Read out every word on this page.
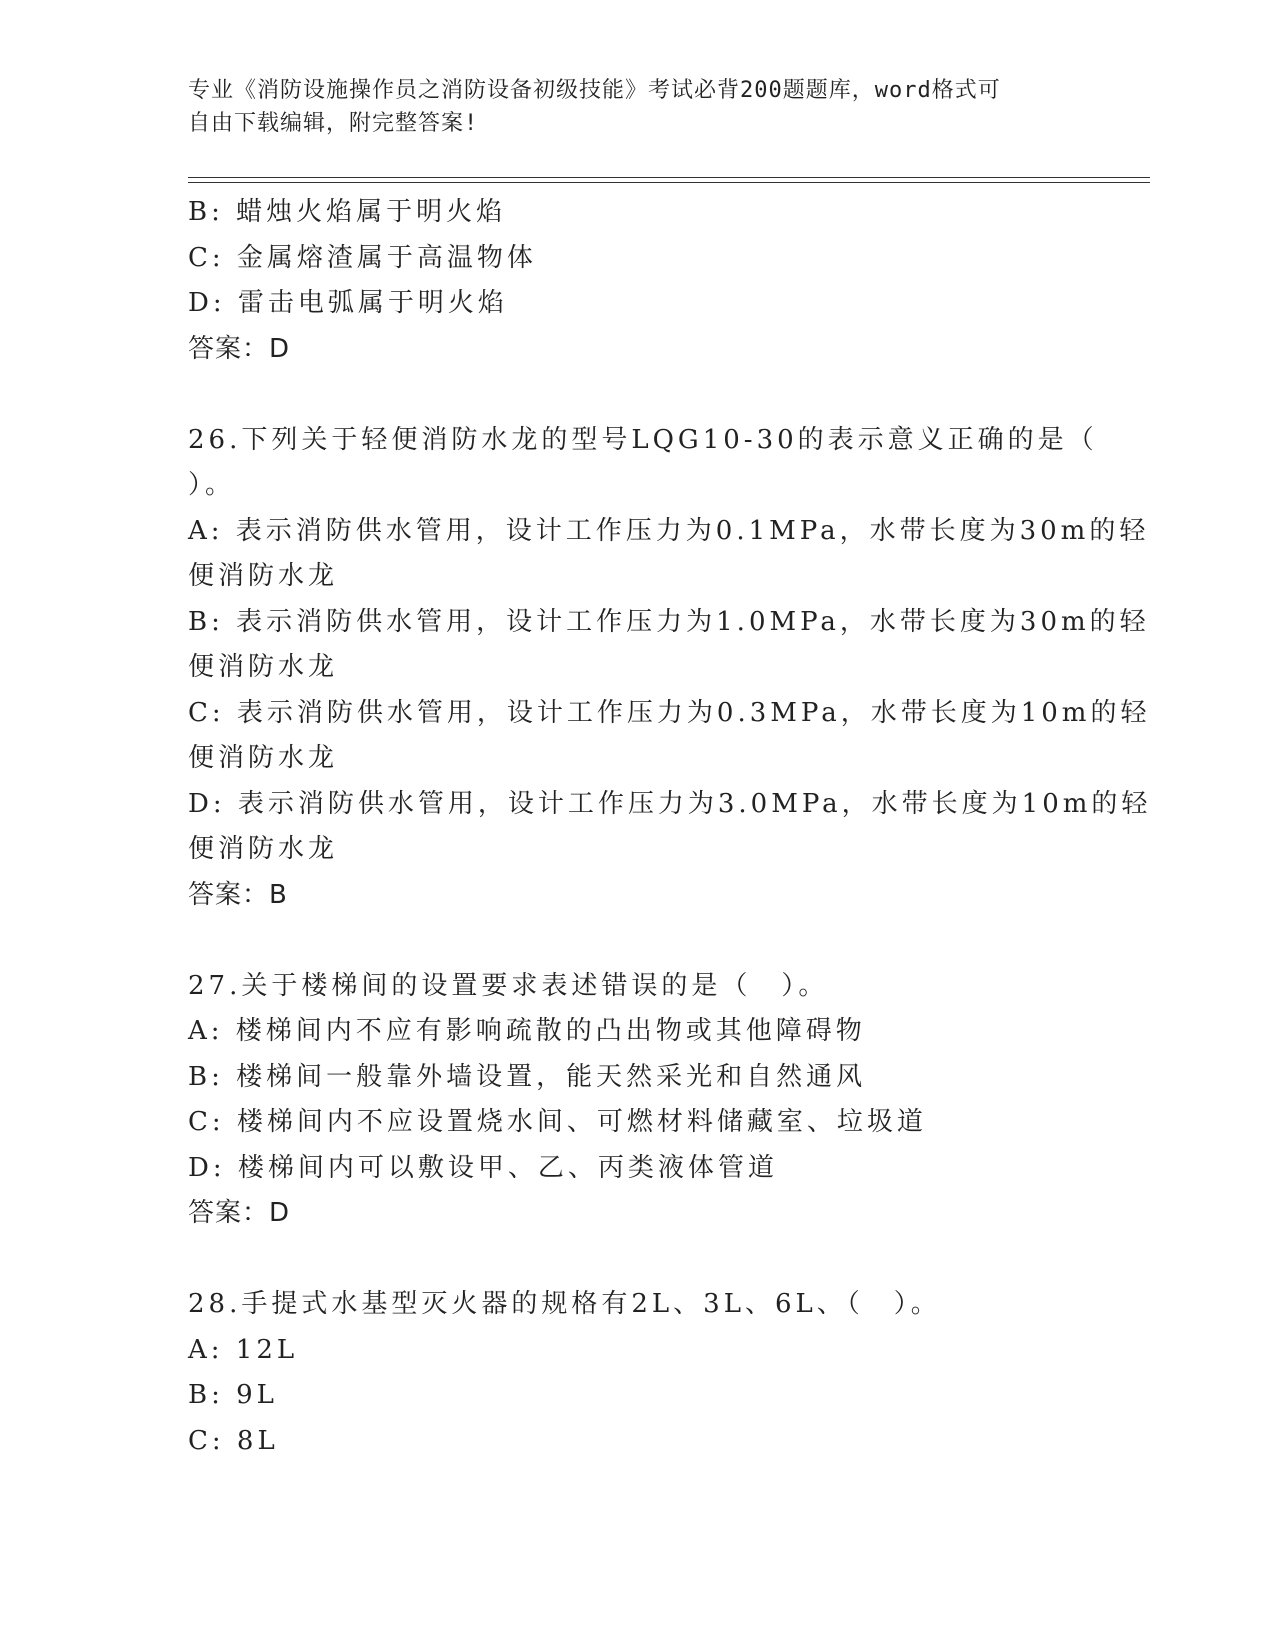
专业《消防设施操作员之消防设备初级技能》考试必背200题题库，word格式可
自由下载编辑，附完整答案!

B: 蜡烛火焰属于明火焰

C: 金属熔渣属于高温物体

D: 雷击电弧属于明火焰

答案：D

26.下列关于轻便消防水龙的型号LQG10-30的表示意义正确的是（

）。

A: 表示消防供水管用，设计工作压力为0.1MPa，水带长度为30m的轻

便消防水龙

B: 表示消防供水管用，设计工作压力为1.0MPa，水带长度为30m的轻

便消防水龙

C: 表示消防供水管用，设计工作压力为0.3MPa，水带长度为10m的轻

便消防水龙

D: 表示消防供水管用，设计工作压力为3.0MPa，水带长度为10m的轻

便消防水龙

答案：B

27.关于楼梯间的设置要求表述错误的是（　）。

A: 楼梯间内不应有影响疏散的凸出物或其他障碍物

B: 楼梯间一般靠外墙设置，能天然采光和自然通风

C: 楼梯间内不应设置烧水间、可燃材料储藏室、垃圾道

D: 楼梯间内可以敷设甲、乙、丙类液体管道

答案：D

28.手提式水基型灭火器的规格有2L、3L、6L、（　）。

A: 12L

B: 9L

C: 8L
